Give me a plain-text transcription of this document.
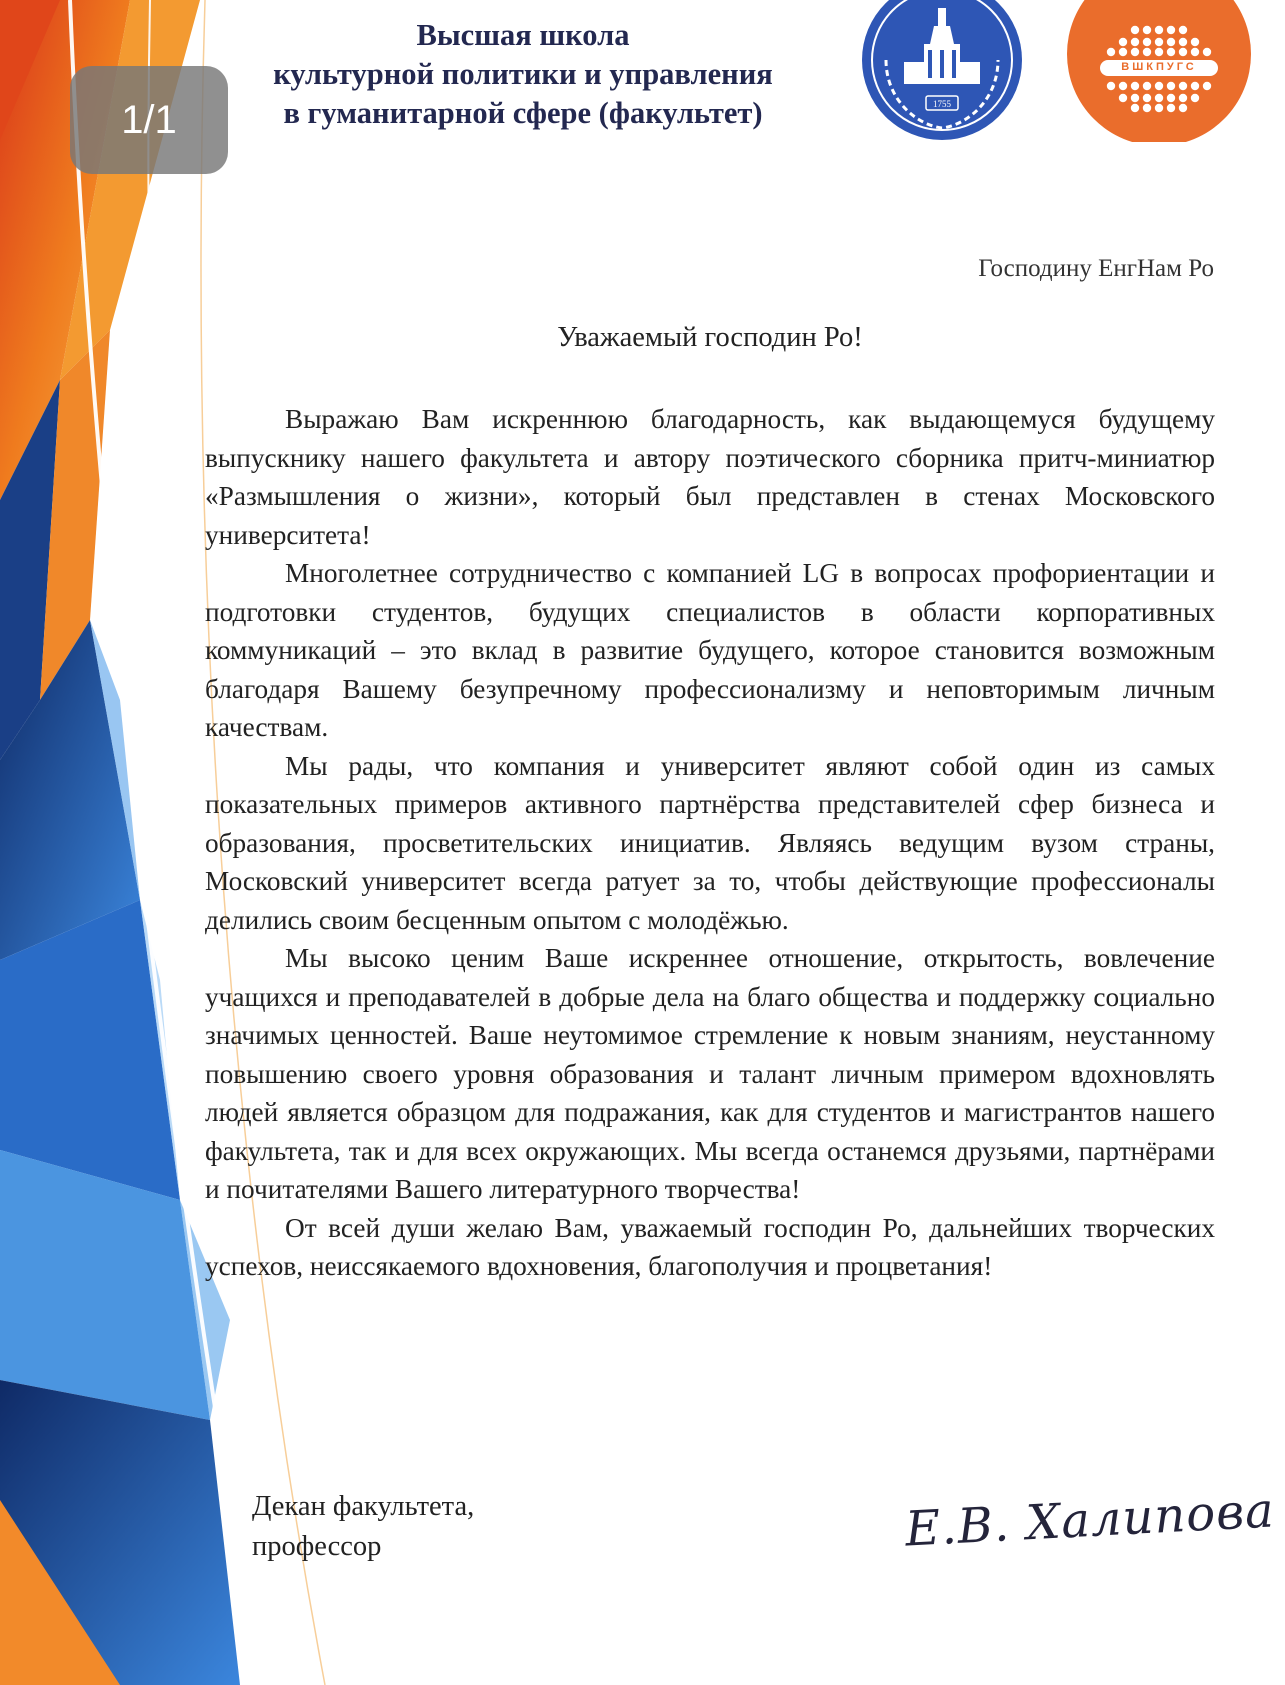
1/1
Высшая школа
культурной политики и управления
в гуманитарной сфере (факультет)	1755
ВШКПУГС
Господину ЕнгНам Ро
Уважаемый господин Ро!

Выражаю Вам искреннюю благодарность, как выдающемуся будущему выпускнику нашего факультета и автору поэтического сборника притч-миниатюр «Размышления о жизни», который был представлен в стенах Московского университета!

Многолетнее сотрудничество с компанией LG в вопросах профориентации и подготовки студентов, будущих специалистов в области корпоративных коммуникаций – это вклад в развитие будущего, которое становится возможным благодаря Вашему безупречному профессионализму и неповторимым личным качествам.

Мы рады, что компания и университет являют собой один из самых показательных примеров активного партнёрства представителей сфер бизнеса и образования, просветительских инициатив. Являясь ведущим вузом страны, Московский университет всегда ратует за то, чтобы действующие профессионалы делились своим бесценным опытом с молодёжью.

Мы высоко ценим Ваше искреннее отношение, открытость, вовлечение учащихся и преподавателей в добрые дела на благо общества и поддержку социально значимых ценностей. Ваше неутомимое стремление к новым знаниям, неустанному повышению своего уровня образования и талант личным примером вдохновлять людей является образцом для подражания, как для студентов и магистрантов нашего факультета, так и для всех окружающих. Мы всегда останемся друзьями, партнёрами и почитателями Вашего литературного творчества!

От всей души желаю Вам, уважаемый господин Ро, дальнейших творческих успехов, неиссякаемого вдохновения, благополучия и процветания!

Декан факультета,
профессор	Е.В. Халипова
